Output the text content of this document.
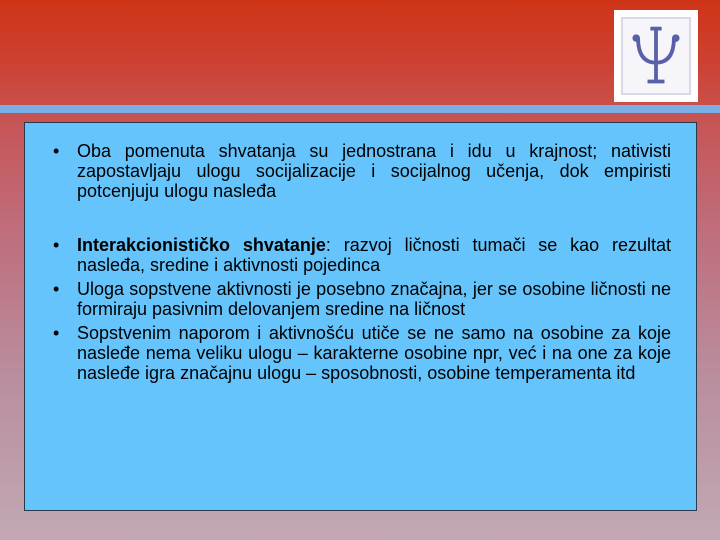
• Oba pomenuta shvatanja su jednostrana i idu u krajnost; nativisti zapostavljaju ulogu socijalizacije i socijalnog učenja, dok empiristi potcenjuju ulogu nasleđa
• Interakcionističko shvatanje: razvoj ličnosti tumači se kao rezultat nasleđa, sredine i aktivnosti pojedinca
• Uloga sopstvene aktivnosti je posebno značajna, jer se osobine ličnosti ne formiraju pasivnim delovanjem sredine na ličnost
• Sopstvenim naporom i aktivnošću utiče se ne samo na osobine za koje nasleđe nema veliku ulogu – karakterne osobine npr, već i na one za koje nasleđe igra značajnu ulogu – sposobnosti, osobine temperamenta itd
